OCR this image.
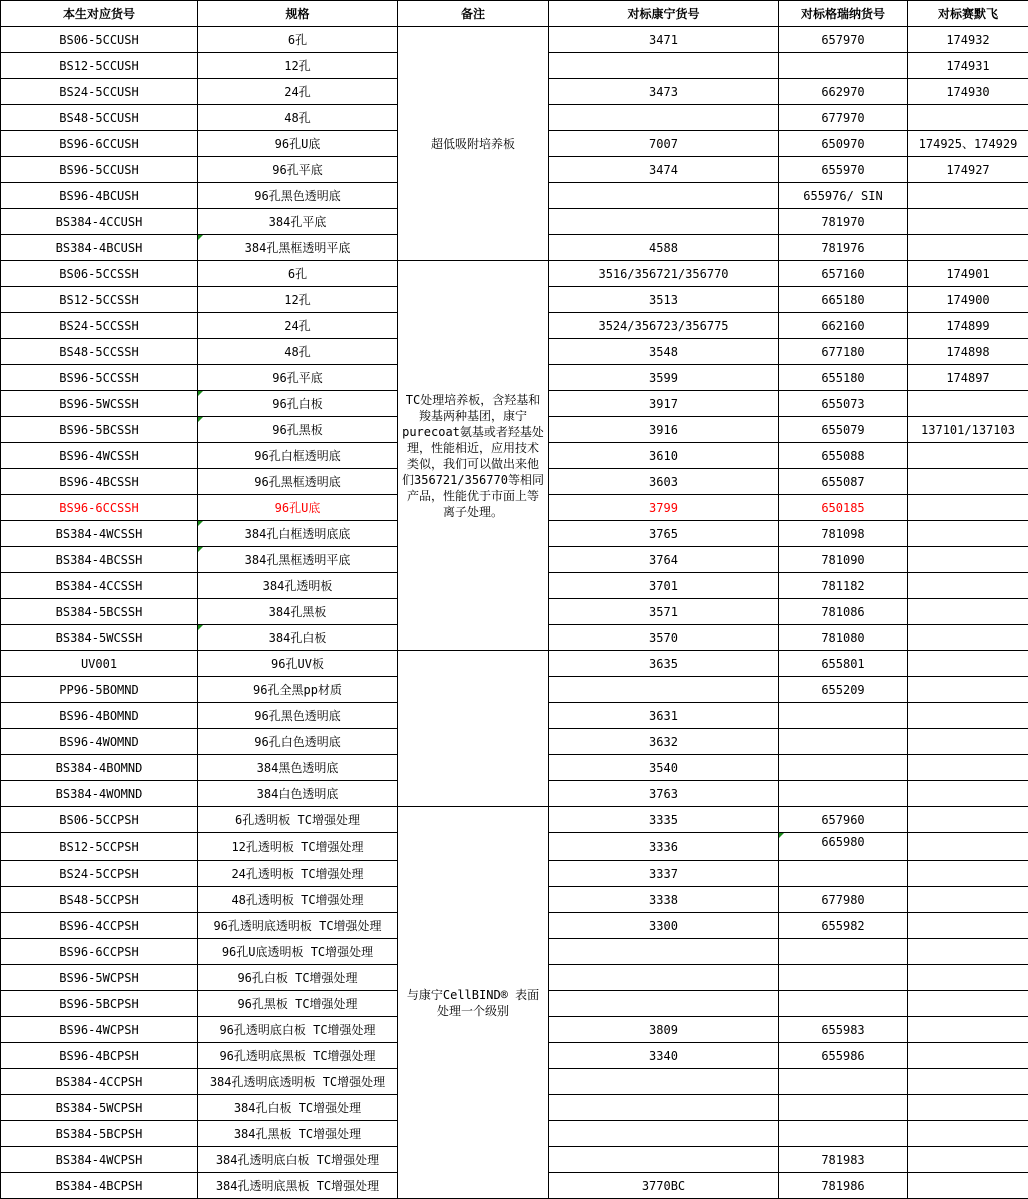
本生对应货号	规格	备注	对标康宁货号	对标格瑞纳货号	对标赛默飞
BS06-5CCUSH	6孔	超低吸附培养板	3471	657970	174932
BS12-5CCUSH	12孔				174931
BS24-5CCUSH	24孔		3473	662970	174930
BS48-5CCUSH	48孔			677970	
BS96-6CCUSH	96孔U底		7007	650970	174925、174929
BS96-5CCUSH	96孔平底		3474	655970	174927
BS96-4BCUSH	96孔黑色透明底			655976/ SIN	
BS384-4CCUSH	384孔平底			781970	
BS384-4BCUSH	384孔黑框透明平底		4588	781976	
BS06-5CCSSH	6孔	TC处理培养板，含羟基和羧基两种基团，康宁purecoat氨基或者羟基处理，性能相近，应用技术类似，我们可以做出来他们356721/356770等相同产品，性能优于市面上等离子处理。	3516/356721/356770	657160	174901
BS12-5CCSSH	12孔		3513	665180	174900
BS24-5CCSSH	24孔		3524/356723/356775	662160	174899
BS48-5CCSSH	48孔		3548	677180	174898
BS96-5CCSSH	96孔平底		3599	655180	174897
BS96-5WCSSH	96孔白板		3917	655073	
BS96-5BCSSH	96孔黑板		3916	655079	137101/137103
BS96-4WCSSH	96孔白框透明底		3610	655088	
BS96-4BCSSH	96孔黑框透明底		3603	655087	
BS96-6CCSSH	96孔U底		3799	650185	
BS384-4WCSSH	384孔白框透明底底		3765	781098	
BS384-4BCSSH	384孔黑框透明平底		3764	781090	
BS384-4CCSSH	384孔透明板		3701	781182	
BS384-5BCSSH	384孔黑板		3571	781086	
BS384-5WCSSH	384孔白板		3570	781080	
UV001	96孔UV板		3635	655801	
PP96-5BOMND	96孔全黑pp材质			655209	
BS96-4BOMND	96孔黑色透明底		3631		
BS96-4WOMND	96孔白色透明底		3632		
BS384-4BOMND	384黑色透明底		3540		
BS384-4WOMND	384白色透明底		3763		
BS06-5CCPSH	6孔透明板 TC增强处理	与康宁CellBIND® 表面处理一个级别	3335	657960	
BS12-5CCPSH	12孔透明板 TC增强处理		3336	665980	
BS24-5CCPSH	24孔透明板 TC增强处理		3337		
BS48-5CCPSH	48孔透明板 TC增强处理		3338	677980	
BS96-4CCPSH	96孔透明底透明板 TC增强处理		3300	655982	
BS96-6CCPSH	96孔U底透明板 TC增强处理				
BS96-5WCPSH	96孔白板 TC增强处理				
BS96-5BCPSH	96孔黑板 TC增强处理				
BS96-4WCPSH	96孔透明底白板 TC增强处理		3809	655983	
BS96-4BCPSH	96孔透明底黑板 TC增强处理		3340	655986	
BS384-4CCPSH	384孔透明底透明板 TC增强处理				
BS384-5WCPSH	384孔白板 TC增强处理				
BS384-5BCPSH	384孔黑板 TC增强处理				
BS384-4WCPSH	384孔透明底白板 TC增强处理			781983	
BS384-4BCPSH	384孔透明底黑板 TC增强处理		3770BC	781986	
